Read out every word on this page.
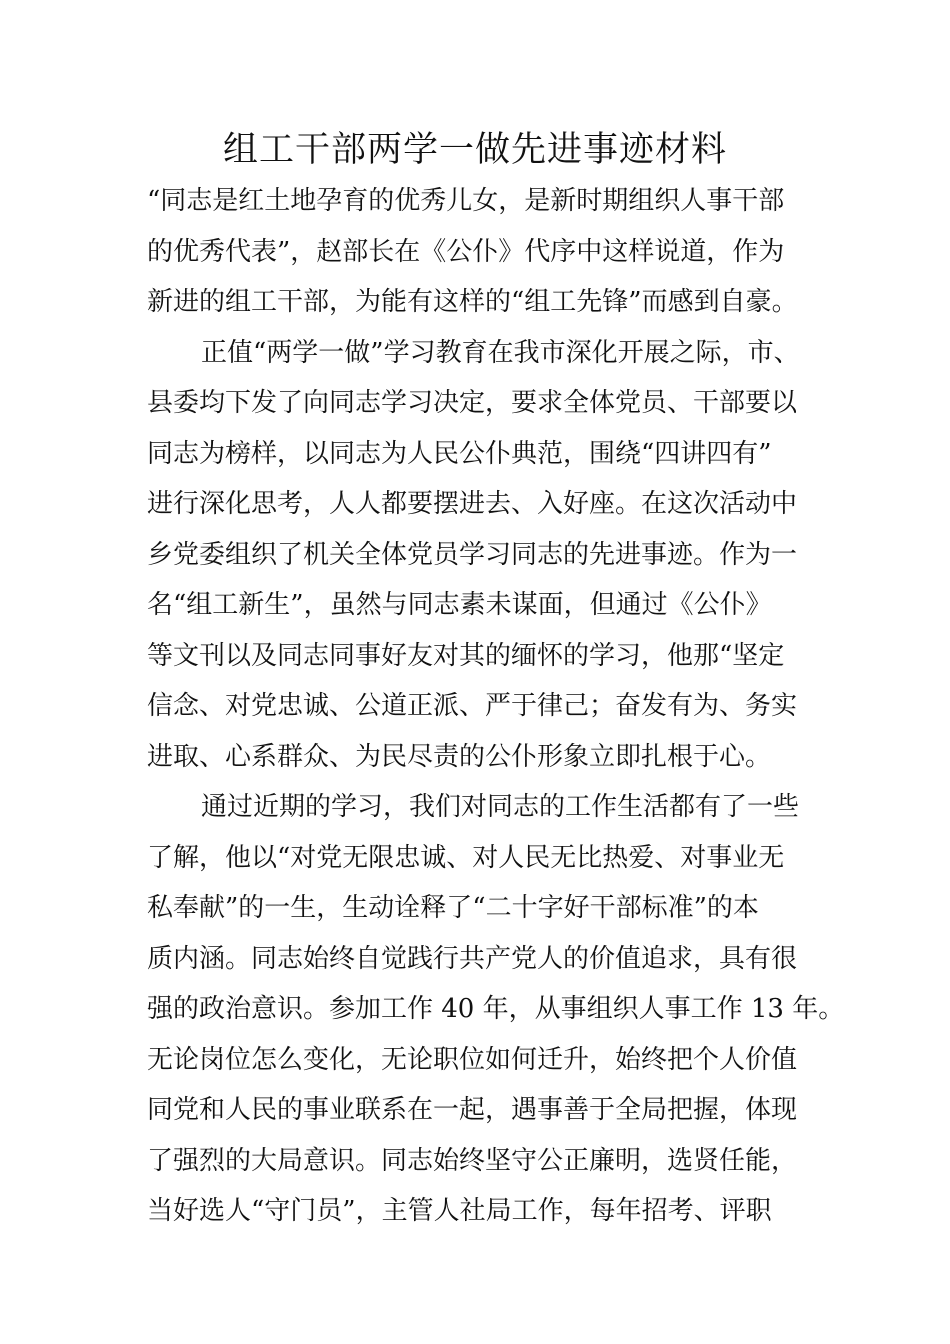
组工干部两学一做先进事迹材料
“同志是红土地孕育的优秀儿女，是新时期组织人事干部
的优秀代表”，赵部长在《公仆》代序中这样说道，作为
新进的组工干部，为能有这样的“组工先锋”而感到自豪。
正值“两学一做”学习教育在我市深化开展之际，市、
县委均下发了向同志学习决定，要求全体党员、干部要以
同志为榜样，以同志为人民公仆典范，围绕“四讲四有”
进行深化思考，人人都要摆进去、入好座。在这次活动中
乡党委组织了机关全体党员学习同志的先进事迹。作为一
名“组工新生”，虽然与同志素未谋面，但通过《公仆》
等文刊以及同志同事好友对其的缅怀的学习，他那“坚定
信念、对党忠诚、公道正派、严于律己；奋发有为、务实
进取、心系群众、为民尽责的公仆形象立即扎根于心。
通过近期的学习，我们对同志的工作生活都有了一些
了解，他以“对党无限忠诚、对人民无比热爱、对事业无
私奉献”的一生，生动诠释了“二十字好干部标准”的本
质内涵。同志始终自觉践行共产党人的价值追求，具有很
强的政治意识。参加工作 40 年，从事组织人事工作 13 年。
无论岗位怎么变化，无论职位如何迁升，始终把个人价值
同党和人民的事业联系在一起，遇事善于全局把握，体现
了强烈的大局意识。同志始终坚守公正廉明，选贤任能，
当好选人“守门员”，主管人社局工作，每年招考、评职
